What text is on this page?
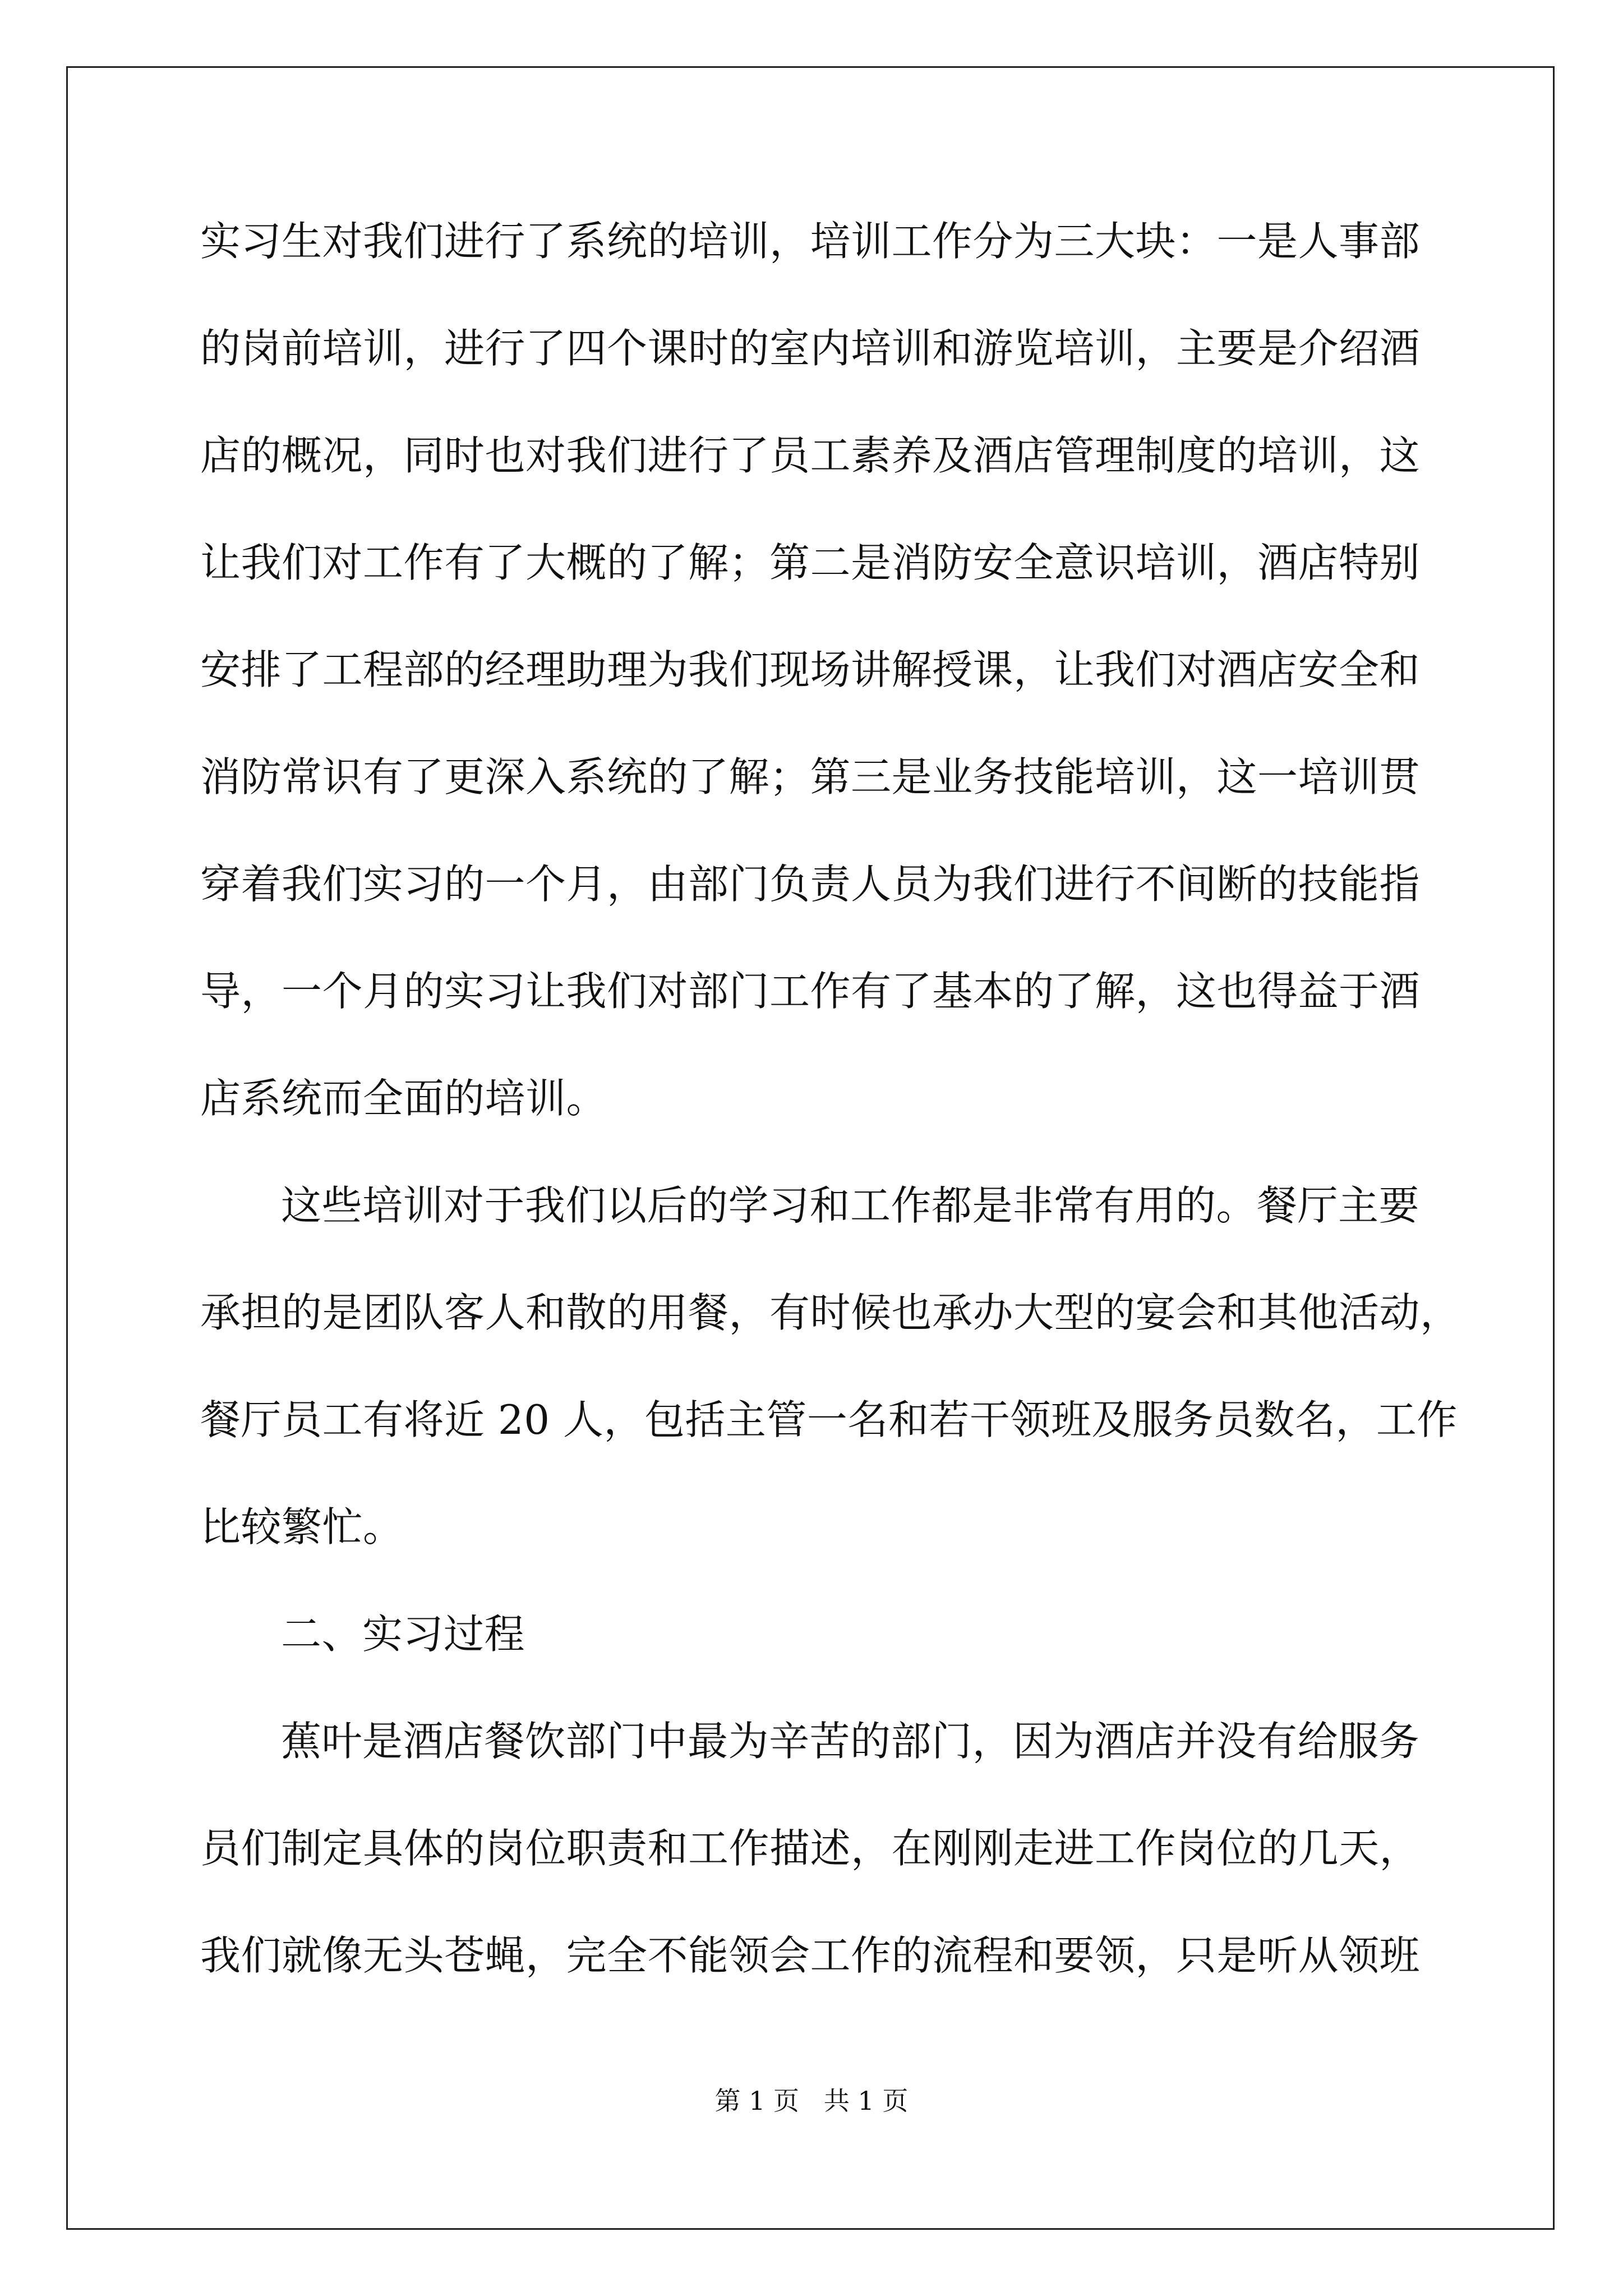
实习生对我们进行了系统的培训，培训工作分为三大块：一是人事部
的岗前培训，进行了四个课时的室内培训和游览培训，主要是介绍酒
店的概况，同时也对我们进行了员工素养及酒店管理制度的培训，这
让我们对工作有了大概的了解；第二是消防安全意识培训，酒店特别
安排了工程部的经理助理为我们现场讲解授课，让我们对酒店安全和
消防常识有了更深入系统的了解；第三是业务技能培训，这一培训贯
穿着我们实习的一个月，由部门负责人员为我们进行不间断的技能指
导，一个月的实习让我们对部门工作有了基本的了解，这也得益于酒
店系统而全面的培训。
这些培训对于我们以后的学习和工作都是非常有用的。餐厅主要
承担的是团队客人和散的用餐，有时候也承办大型的宴会和其他活动，
餐厅员工有将近 20 人，包括主管一名和若干领班及服务员数名，工作
比较繁忙。
二、实习过程
蕉叶是酒店餐饮部门中最为辛苦的部门，因为酒店并没有给服务
员们制定具体的岗位职责和工作描述，在刚刚走进工作岗位的几天，
我们就像无头苍蝇，完全不能领会工作的流程和要领，只是听从领班
第 1 页   共 1 页
